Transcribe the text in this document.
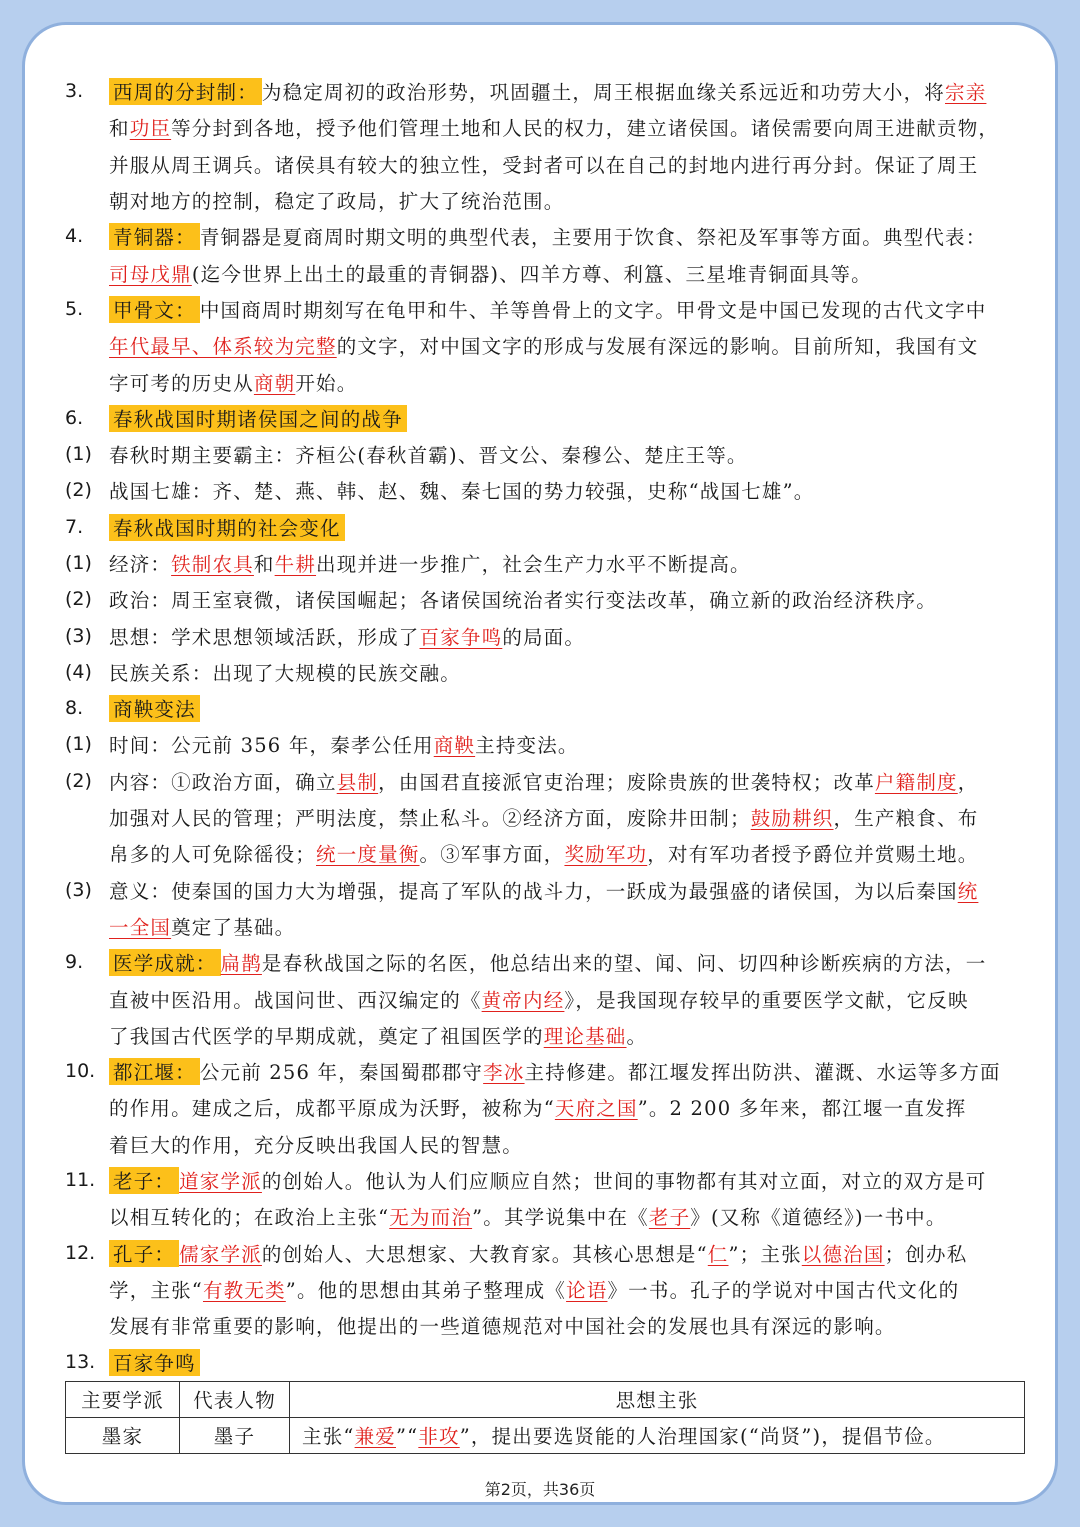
3.	西周的分封制： 为稳定周初的政治形势，巩固疆土，周王根据血缘关系远近和功劳大小，将宗亲
和功臣等分封到各地，授予他们管理土地和人民的权力，建立诸侯国。诸侯需要向周王进献贡物，
并服从周王调兵。诸侯具有较大的独立性，受封者可以在自己的封地内进行再分封。保证了周王
朝对地方的控制，稳定了政局，扩大了统治范围。
4.	青铜器： 青铜器是夏商周时期文明的典型代表，主要用于饮食、祭祀及军事等方面。典型代表：
司母戊鼎(迄今世界上出土的最重的青铜器)、四羊方尊、利簋、三星堆青铜面具等。
5.	甲骨文： 中国商周时期刻写在龟甲和牛、羊等兽骨上的文字。甲骨文是中国已发现的古代文字中
年代最早、体系较为完整的文字，对中国文字的形成与发展有深远的影响。目前所知，我国有文
字可考的历史从商朝开始。
6.	春秋战国时期诸侯国之间的战争
(1) 春秋时期主要霸主：齐桓公(春秋首霸)、晋文公、秦穆公、楚庄王等。
(2) 战国七雄：齐、楚、燕、韩、赵、魏、秦七国的势力较强，史称“战国七雄”。
7.	春秋战国时期的社会变化
(1) 经济：铁制农具和牛耕出现并进一步推广，社会生产力水平不断提高。
(2) 政治：周王室衰微，诸侯国崛起；各诸侯国统治者实行变法改革，确立新的政治经济秩序。
(3) 思想：学术思想领域活跃，形成了百家争鸣的局面。
(4) 民族关系：出现了大规模的民族交融。
8.	商鞅变法
(1) 时间：公元前 356 年，秦孝公任用商鞅主持变法。
(2) 内容：①政治方面，确立县制，由国君直接派官吏治理；废除贵族的世袭特权；改革户籍制度，
加强对人民的管理；严明法度，禁止私斗。②经济方面，废除井田制；鼓励耕织，生产粮食、布
帛多的人可免除徭役；统一度量衡。③军事方面，奖励军功，对有军功者授予爵位并赏赐土地。
(3) 意义：使秦国的国力大为增强，提高了军队的战斗力，一跃成为最强盛的诸侯国，为以后秦国统
一全国奠定了基础。
9.	医学成就： 扁鹊是春秋战国之际的名医，他总结出来的望、闻、问、切四种诊断疾病的方法，一
直被中医沿用。战国问世、西汉编定的《黄帝内经》，是我国现存较早的重要医学文献，它反映
了我国古代医学的早期成就，奠定了祖国医学的理论基础。
10. 都江堰： 公元前 256 年，秦国蜀郡郡守李冰主持修建。都江堰发挥出防洪、灌溉、水运等多方面
的作用。建成之后，成都平原成为沃野，被称为“天府之国”。2 200 多年来，都江堰一直发挥
着巨大的作用，充分反映出我国人民的智慧。
11. 老子： 道家学派的创始人。他认为人们应顺应自然；世间的事物都有其对立面，对立的双方是可
以相互转化的；在政治上主张“无为而治”。其学说集中在《老子》(又称《道德经》)一书中。
12. 孔子： 儒家学派的创始人、大思想家、大教育家。其核心思想是“仁”；主张以德治国；创办私
学，主张“有教无类”。他的思想由其弟子整理成《论语》一书。孔子的学说对中国古代文化的
发展有非常重要的影响，他提出的一些道德规范对中国社会的发展也具有深远的影响。
13. 百家争鸣
主要学派	代表人物	思想主张
墨家	墨子	主张“兼爱”“非攻”，提出要选贤能的人治理国家(“尚贤”)，提倡节俭。
第2页，共36页
